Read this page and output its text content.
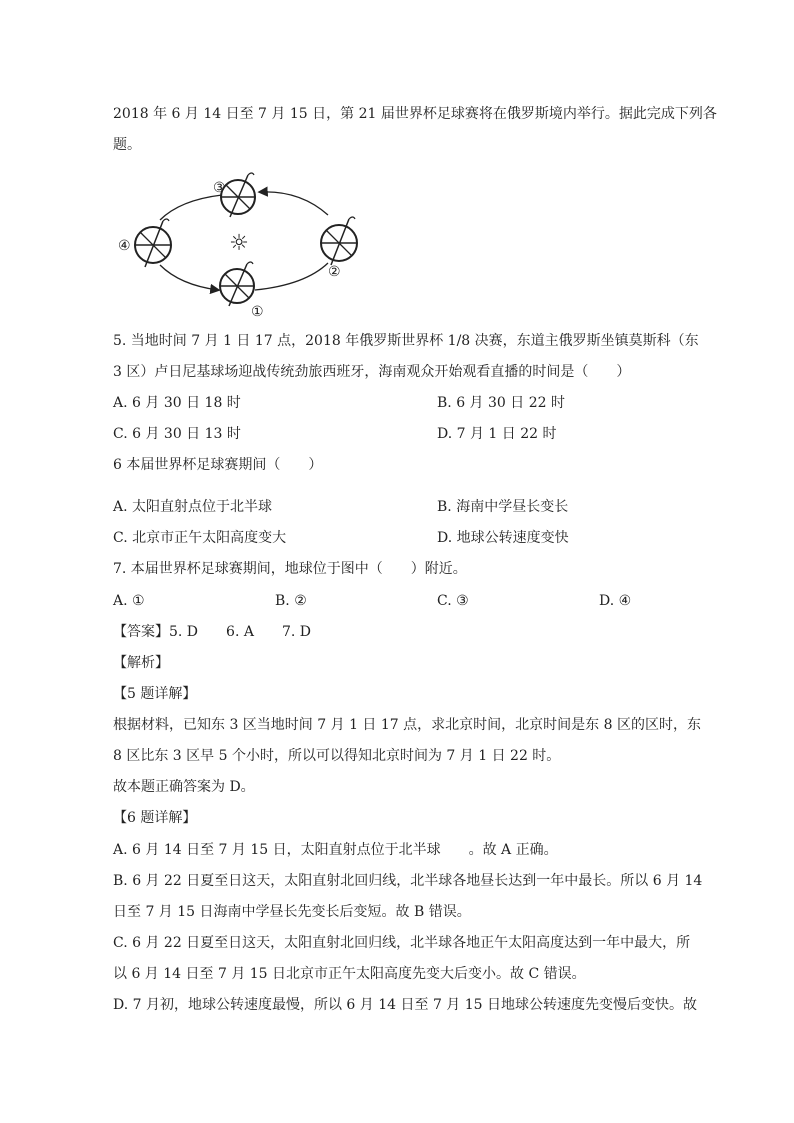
2018 年 6 月 14 日至 7 月 15 日，第 21 届世界杯足球赛将在俄罗斯境内举行。据此完成下列各
题。
☼
③
④
②
①
5. 当地时间 7 月 1 日 17 点，2018 年俄罗斯世界杯 1/8 决赛，东道主俄罗斯坐镇莫斯科（东
3 区）卢日尼基球场迎战传统劲旅西班牙，海南观众开始观看直播的时间是（　　）
A. 6 月 30 日 18 时	B. 6 月 30 日 22 时
C. 6 月 30 日 13 时	D. 7 月 1 日 22 时
6 本届世界杯足球赛期间（　　）
A. 太阳直射点位于北半球	B. 海南中学昼长变长
C. 北京市正午太阳高度变大	D. 地球公转速度变快
7. 本届世界杯足球赛期间，地球位于图中（　　）附近。
A. ①	B. ②	C. ③	D. ④
【答案】5. D　　6. A　　7. D
【解析】
【5 题详解】
根据材料，已知东 3 区当地时间 7 月 1 日 17 点，求北京时间，北京时间是东 8 区的区时，东
8 区比东 3 区早 5 个小时，所以可以得知北京时间为 7 月 1 日 22 时。
故本题正确答案为 D。
【6 题详解】
A. 6 月 14 日至 7 月 15 日，太阳直射点位于北半球　　。故 A 正确。
B. 6 月 22 日夏至日这天，太阳直射北回归线，北半球各地昼长达到一年中最长。所以 6 月 14
日至 7 月 15 日海南中学昼长先变长后变短。故 B 错误。
C. 6 月 22 日夏至日这天，太阳直射北回归线，北半球各地正午太阳高度达到一年中最大，所
以 6 月 14 日至 7 月 15 日北京市正午太阳高度先变大后变小。故 C 错误。
D. 7 月初，地球公转速度最慢，所以 6 月 14 日至 7 月 15 日地球公转速度先变慢后变快。故
